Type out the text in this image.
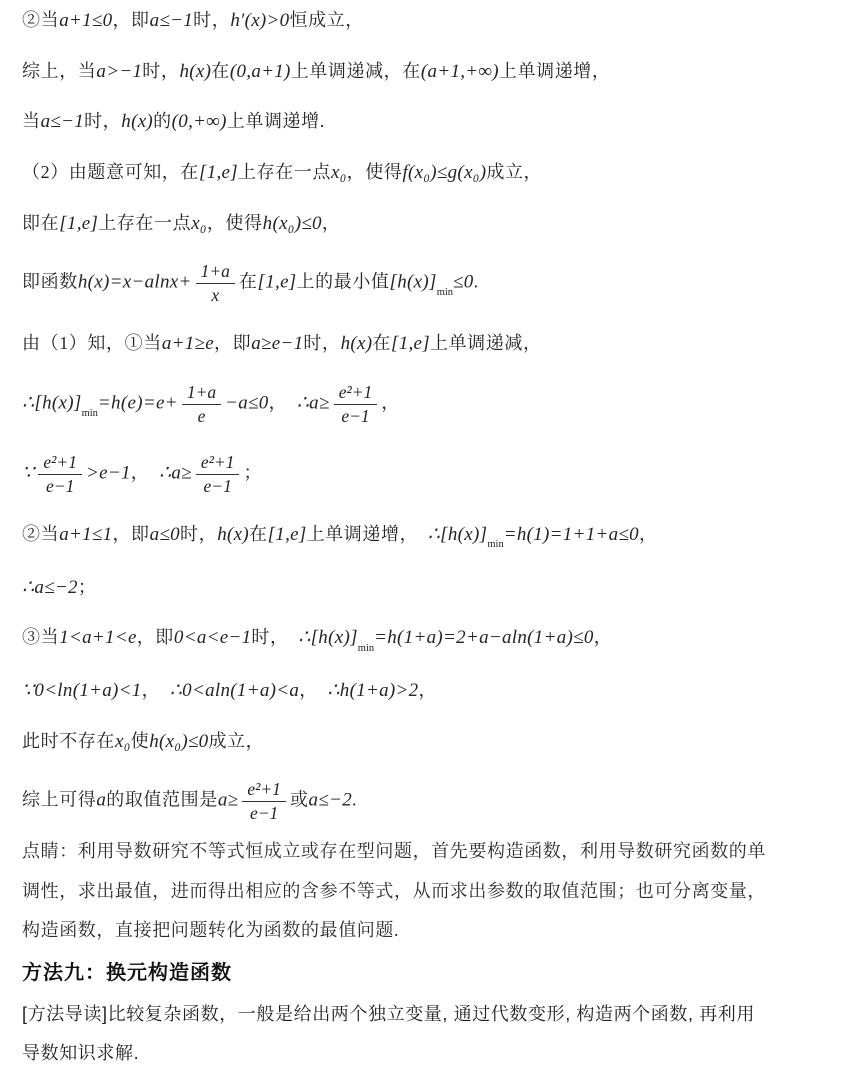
②当a+1≤0，即a≤−1时，h′(x)>0恒成立，
综上，当a>−1时，h(x)在(0,a+1)上单调递减，在(a+1,+∞)上单调递增，
当a≤−1时，h(x)的(0,+∞)上单调递增.
（2）由题意可知，在[1,e]上存在一点x₀，使得f(x₀)≤g(x₀)成立，
即在[1,e]上存在一点x₀，使得h(x₀)≤0，
即函数$h(x)=x-alnx+ \frac{1+a}{x}$ 在[1,e]上的最小值$[h(x)]_{min}\le 0$.
由（1）知，①当a+1≥e，即a≥e−1时，h(x)在[1,e]上单调递减，
$\therefore[h(x)]_{min}=h(e)=e+ \frac{1+a}{e} -a\le 0$，　∴a≥ $\frac{\text{e²+1}}{e-1}$ ，
∵ $\frac{\text{e²+1}}{e-1} >e-1$，　∴a≥ $\frac{\text{e²+1}}{e-1}$ ；
②当a+1≤1，即a≤0时，h(x)在[1,e]上单调递增，　$\therefore[h(x)]_{min}=h(1)=1+1+a\le 0$，
∴a≤−2；
③当1<a+1<e，即0<a<e−1时，　$\therefore[h(x)]_{min}=h(1+a)=2+a-aln(1+a)\le 0$，
∵0<ln(1+a)<1，　∴0<aln(1+a)<a，　∴h(1+a)>2，
此时不存在x₀使h(x₀)≤0成立，
综上可得a的取值范围是$a\ge \frac{\text{e²+1}}{e-1}$ 或a≤−2.
点睛：利用导数研究不等式恒成立或存在型问题，首先要构造函数，利用导数研究函数的单
调性，求出最值，进而得出相应的含参不等式，从而求出参数的取值范围；也可分离变量，
构造函数，直接把问题转化为函数的最值问题.
方法九：换元构造函数
[方法导读]比较复杂函数，一般是给出两个独立变量, 通过代数变形, 构造两个函数, 再利用
导数知识求解.
